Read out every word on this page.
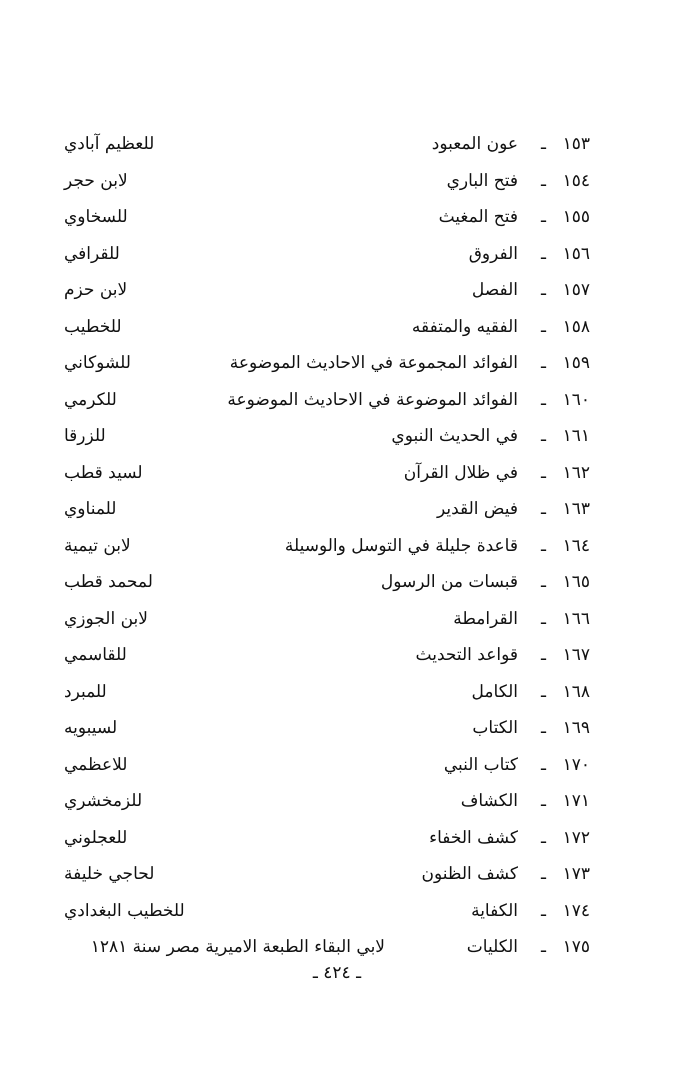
١٥٣
ـ
عون المعبود
للعظيم آبادي
١٥٤
ـ
فتح الباري
لابن حجر
١٥٥
ـ
فتح المغيث
للسخاوي
١٥٦
ـ
الفروق
للقرافي
١٥٧
ـ
الفصل
لابن حزم
١٥٨
ـ
الفقيه والمتفقه
للخطيب
١٥٩
ـ
الفوائد المجموعة في الاحاديث الموضوعة
للشوكاني
١٦٠
ـ
الفوائد الموضوعة في الاحاديث الموضوعة
للكرمي
١٦١
ـ
في الحديث النبوي
للزرقا
١٦٢
ـ
في ظلال القرآن
لسيد قطب
١٦٣
ـ
فيض القدير
للمناوي
١٦٤
ـ
قاعدة جليلة في التوسل والوسيلة
لابن تيمية
١٦٥
ـ
قبسات من الرسول
لمحمد قطب
١٦٦
ـ
القرامطة
لابن الجوزي
١٦٧
ـ
قواعد التحديث
للقاسمي
١٦٨
ـ
الكامل
للمبرد
١٦٩
ـ
الكتاب
لسيبويه
١٧٠
ـ
كتاب النبي
للاعظمي
١٧١
ـ
الكشاف
للزمخشري
١٧٢
ـ
كشف الخفاء
للعجلوني
١٧٣
ـ
كشف الظنون
لحاجي خليفة
١٧٤
ـ
الكفاية
للخطيب البغدادي
١٧٥
ـ
الكليات
لابي البقاء الطبعة الاميرية مصر سنة ١٢٨١
ـ ٤٢٤ ـ
